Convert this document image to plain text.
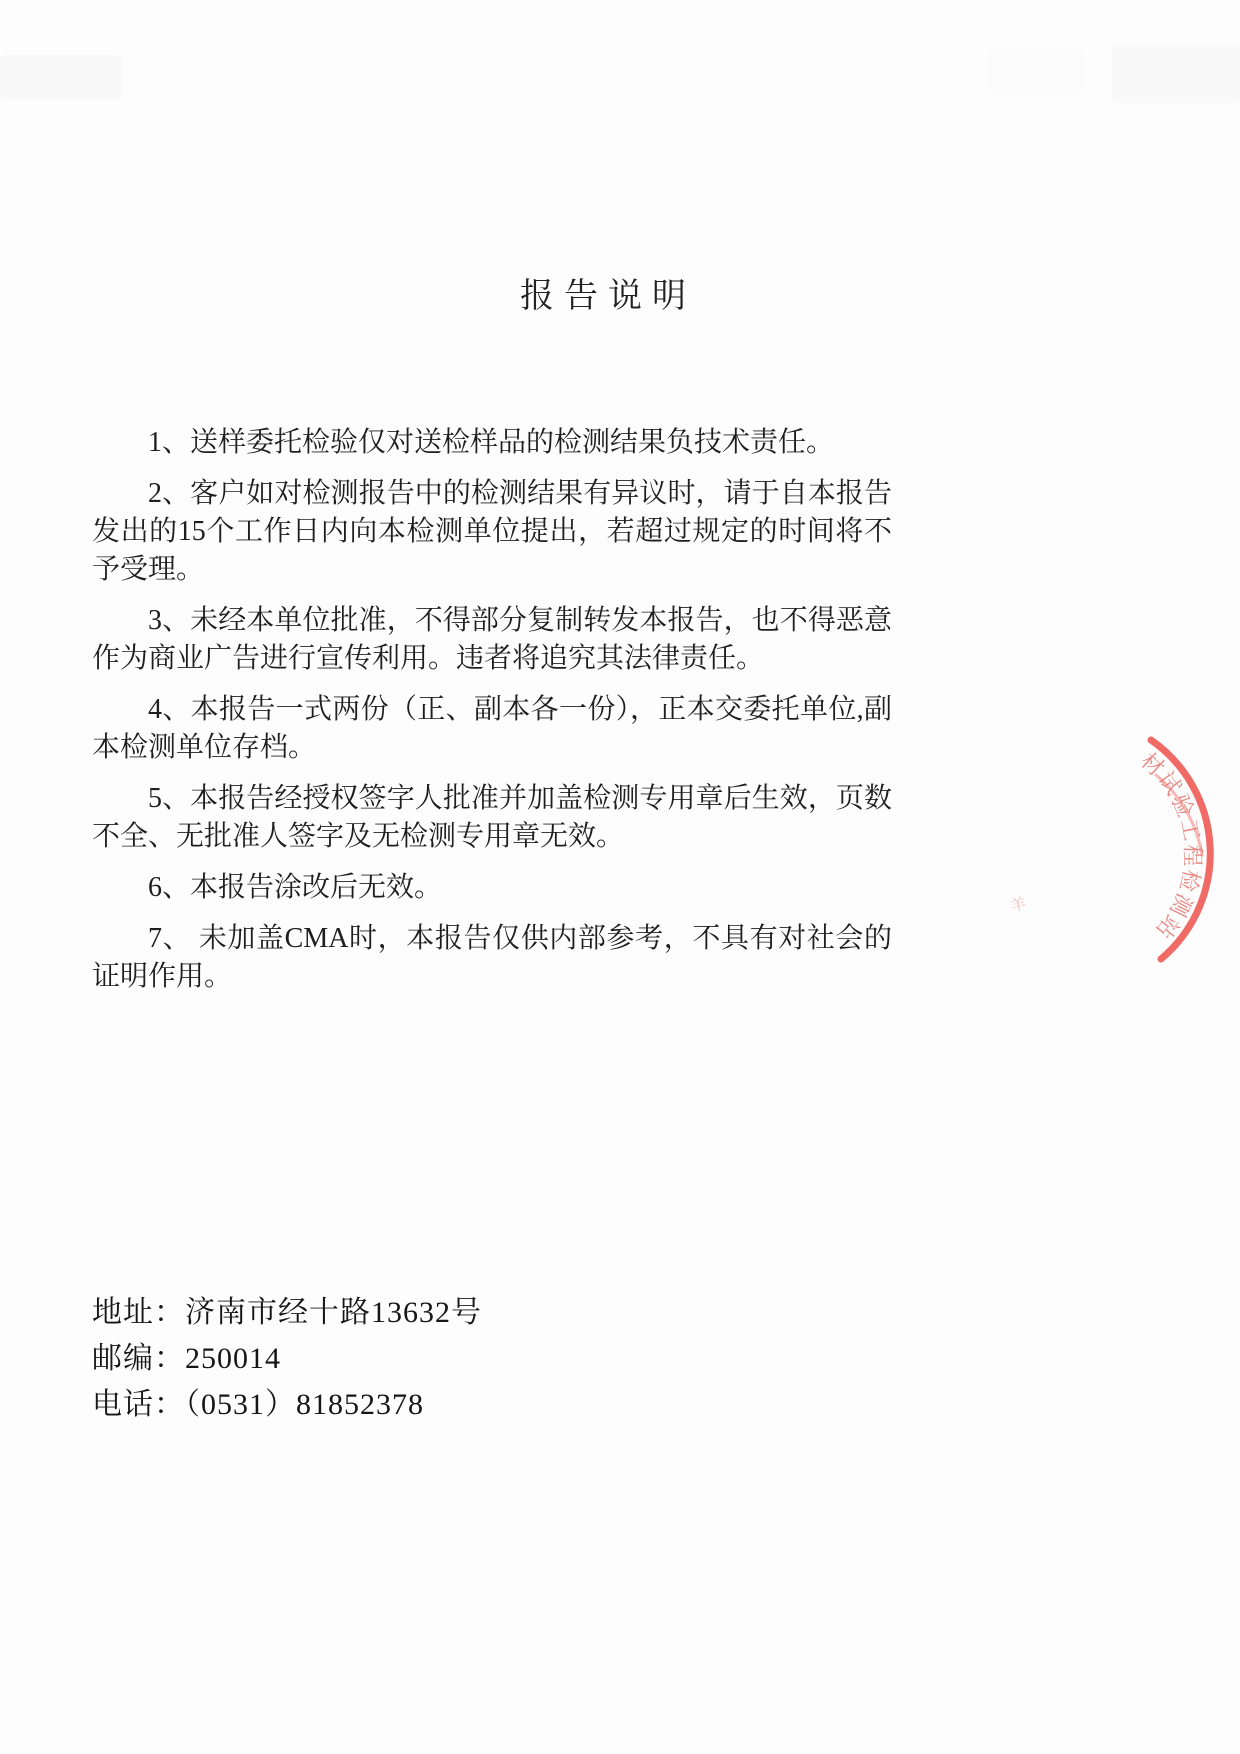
报告说明

1、送样委托检验仅对送检样品的检测结果负技术责任。

2、客户如对检测报告中的检测结果有异议时，请于自本报告发出的15个工作日内向本检测单位提出，若超过规定的时间将不予受理。

3、未经本单位批准，不得部分复制转发本报告，也不得恶意作为商业广告进行宣传利用。违者将追究其法律责任。

4、本报告一式两份（正、副本各一份），正本交委托单位,副本检测单位存档。

5、本报告经授权签字人批准并加盖检测专用章后生效，页数不全、无批准人签字及无检测专用章无效。

6、本报告涂改后无效。

7、 未加盖CMA时，本报告仅供内部参考，不具有对社会的证明作用。

地址：济南市经十路13632号
邮编：250014
电话：（0531）81852378
材试验工程检测站
羊
